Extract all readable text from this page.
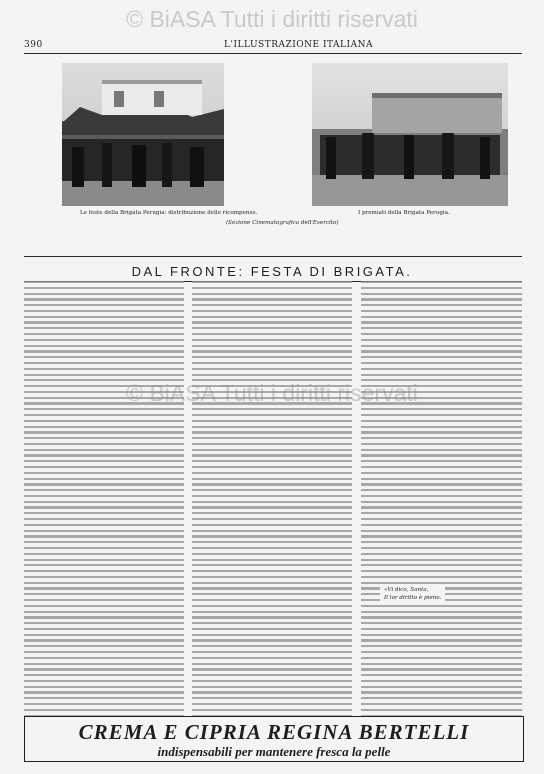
© BiASA Tutti i diritti riservati
390	L'ILLUSTRAZIONE ITALIANA
Le feste della Brigata Perugia: distribuzione delle ricompense.	I premiati della Brigata Perugia.
(Sezione Cinematografica dell'Esercito)
DAL FRONTE: FESTA DI BRIGATA.
«Vi dico, Santa,
Il lor diritto è pieno.
CREMA E CIPRIA REGINA BERTELLI
indispensabili per mantenere fresca la pelle
